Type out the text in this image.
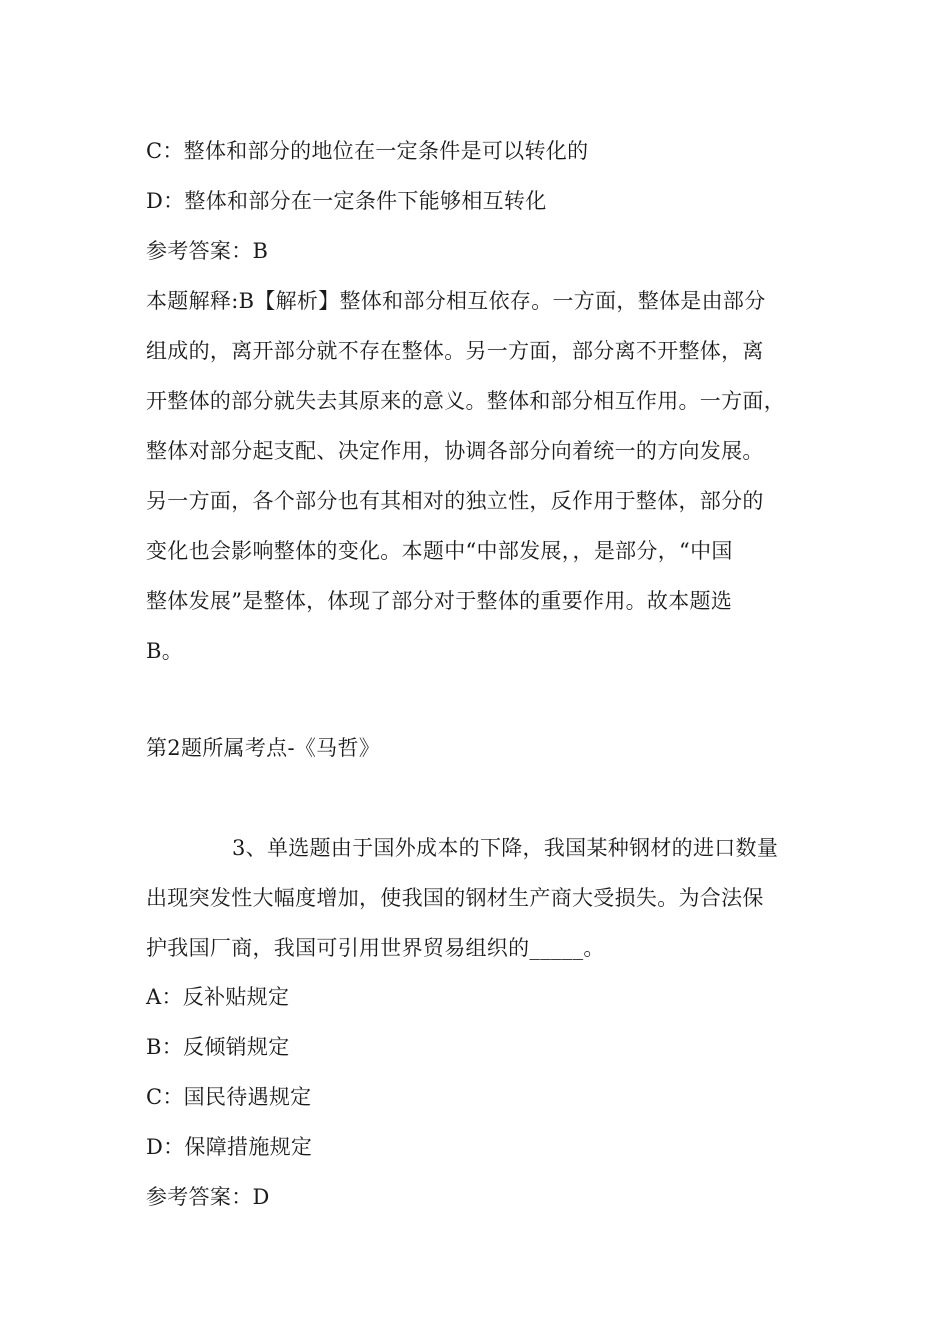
C：整体和部分的地位在一定条件是可以转化的
D：整体和部分在一定条件下能够相互转化
参考答案：B
本题解释:B【解析】整体和部分相互依存。一方面，整体是由部分
组成的，离开部分就不存在整体。另一方面，部分离不开整体，离
开整体的部分就失去其原来的意义。整体和部分相互作用。一方面，
整体对部分起支配、决定作用，协调各部分向着统一的方向发展。
另一方面，各个部分也有其相对的独立性，反作用于整体，部分的
变化也会影响整体的变化。本题中“中部发展，，是部分，“中国
整体发展”是整体，体现了部分对于整体的重要作用。故本题选
B。
第2题所属考点-《马哲》
3、单选题由于国外成本的下降，我国某种钢材的进口数量
出现突发性大幅度增加，使我国的钢材生产商大受损失。为合法保
护我国厂商，我国可引用世界贸易组织的_____。
A：反补贴规定
B：反倾销规定
C：国民待遇规定
D：保障措施规定
参考答案：D
